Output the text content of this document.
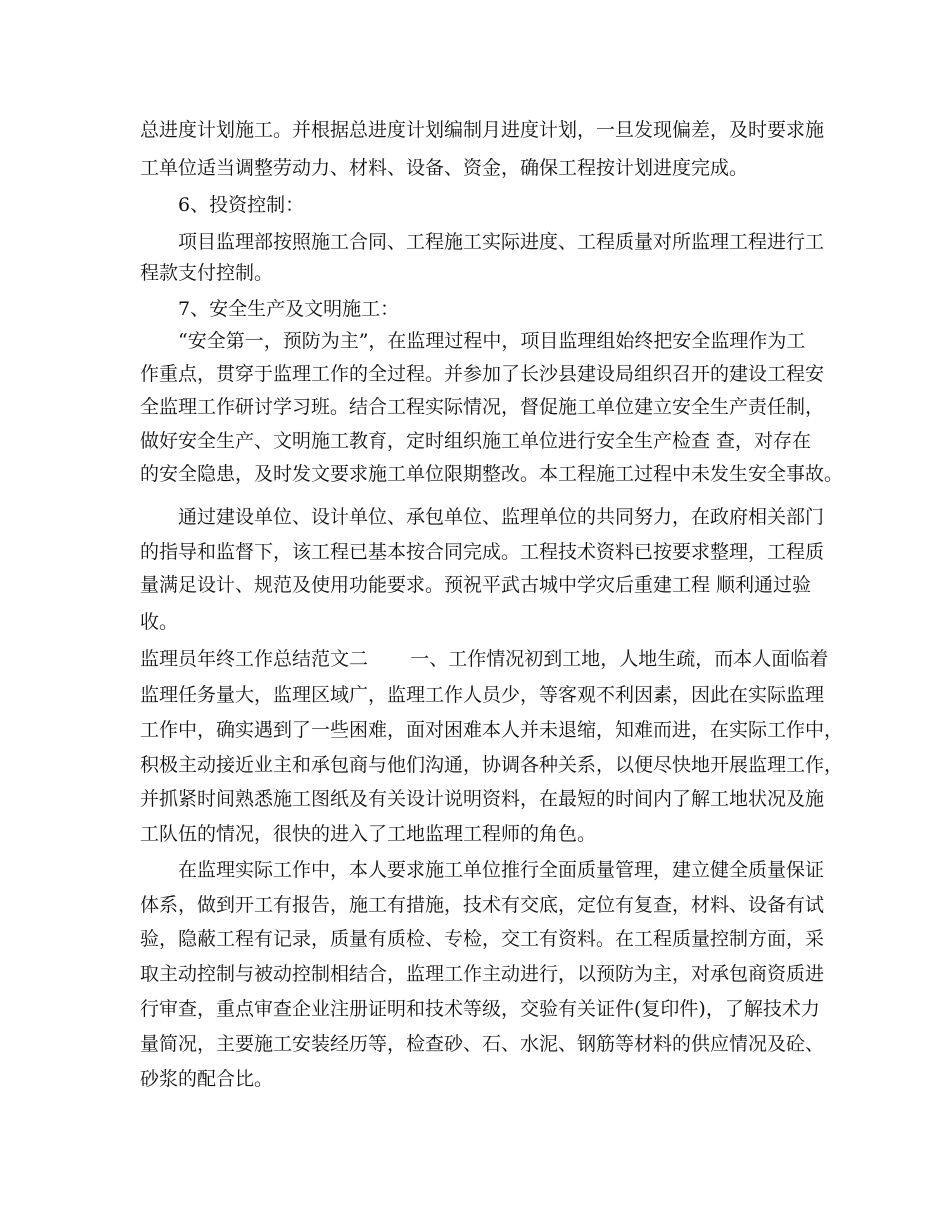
总进度计划施工。并根据总进度计划编制月进度计划，一旦发现偏差，及时要求施
工单位适当调整劳动力、材料、设备、资金，确保工程按计划进度完成。
6、投资控制：
项目监理部按照施工合同、工程施工实际进度、工程质量对所监理工程进行工
程款支付控制。
7、安全生产及文明施工：
“安全第一，预防为主”，在监理过程中，项目监理组始终把安全监理作为工
作重点，贯穿于监理工作的全过程。并参加了长沙县建设局组织召开的建设工程安
全监理工作研讨学习班。结合工程实际情况，督促施工单位建立安全生产责任制，
做好安全生产、文明施工教育，定时组织施工单位进行安全生产检查 查，对存在
的安全隐患，及时发文要求施工单位限期整改。本工程施工过程中未发生安全事故。
通过建设单位、设计单位、承包单位、监理单位的共同努力，在政府相关部门
的指导和监督下，该工程已基本按合同完成。工程技术资料已按要求整理，工程质
量满足设计、规范及使用功能要求。预祝平武古城中学灾后重建工程 顺利通过验
收。
监理员年终工作总结范文二       一、工作情况初到工地，人地生疏，而本人面临着
监理任务量大，监理区域广，监理工作人员少，等客观不利因素，因此在实际监理
工作中，确实遇到了一些困难，面对困难本人并未退缩，知难而进，在实际工作中，
积极主动接近业主和承包商与他们沟通，协调各种关系，以便尽快地开展监理工作，
并抓紧时间熟悉施工图纸及有关设计说明资料，在最短的时间内了解工地状况及施
工队伍的情况，很快的进入了工地监理工程师的角色。
在监理实际工作中，本人要求施工单位推行全面质量管理，建立健全质量保证
体系，做到开工有报告，施工有措施，技术有交底，定位有复查，材料、设备有试
验，隐蔽工程有记录，质量有质检、专检，交工有资料。在工程质量控制方面，采
取主动控制与被动控制相结合，监理工作主动进行，以预防为主，对承包商资质进
行审查，重点审查企业注册证明和技术等级，交验有关证件(复印件)，了解技术力
量简况，主要施工安装经历等，检查砂、石、水泥、钢筋等材料的供应情况及砼、
砂浆的配合比。
